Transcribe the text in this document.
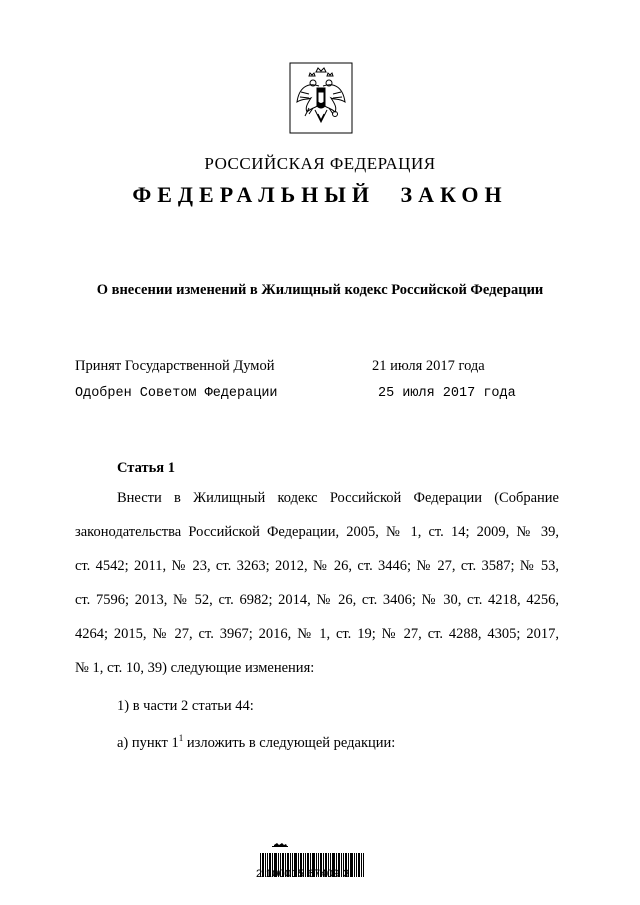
РОССИЙСКАЯ ФЕДЕРАЦИЯ
ФЕДЕРАЛЬНЫЙ ЗАКОН
О внесении изменений в Жилищный кодекс Российской Федерации
Принят Государственной Думой	21 июля 2017 года
Одобрен Советом Федерации	25 июля 2017 года
Статья 1
Внести в Жилищный кодекс Российской Федерации (Собрание
законодательства Российской Федерации, 2005, № 1, ст. 14; 2009, № 39,
ст. 4542; 2011, № 23, ст. 3263; 2012, № 26, ст. 3446; № 27, ст. 3587; № 53,
ст. 7596; 2013, № 52, ст. 6982; 2014, № 26, ст. 3406; № 30, ст. 4218, 4256,
4264; 2015, № 27, ст. 3967; 2016, № 1, ст. 19; № 27, ст. 4288, 4305; 2017,
№ 1, ст. 10, 39) следующие изменения:
1) в части 2 статьи 44:
а) пункт $1^1$ изложить в следующей редакции:
2 100015 67409 3
